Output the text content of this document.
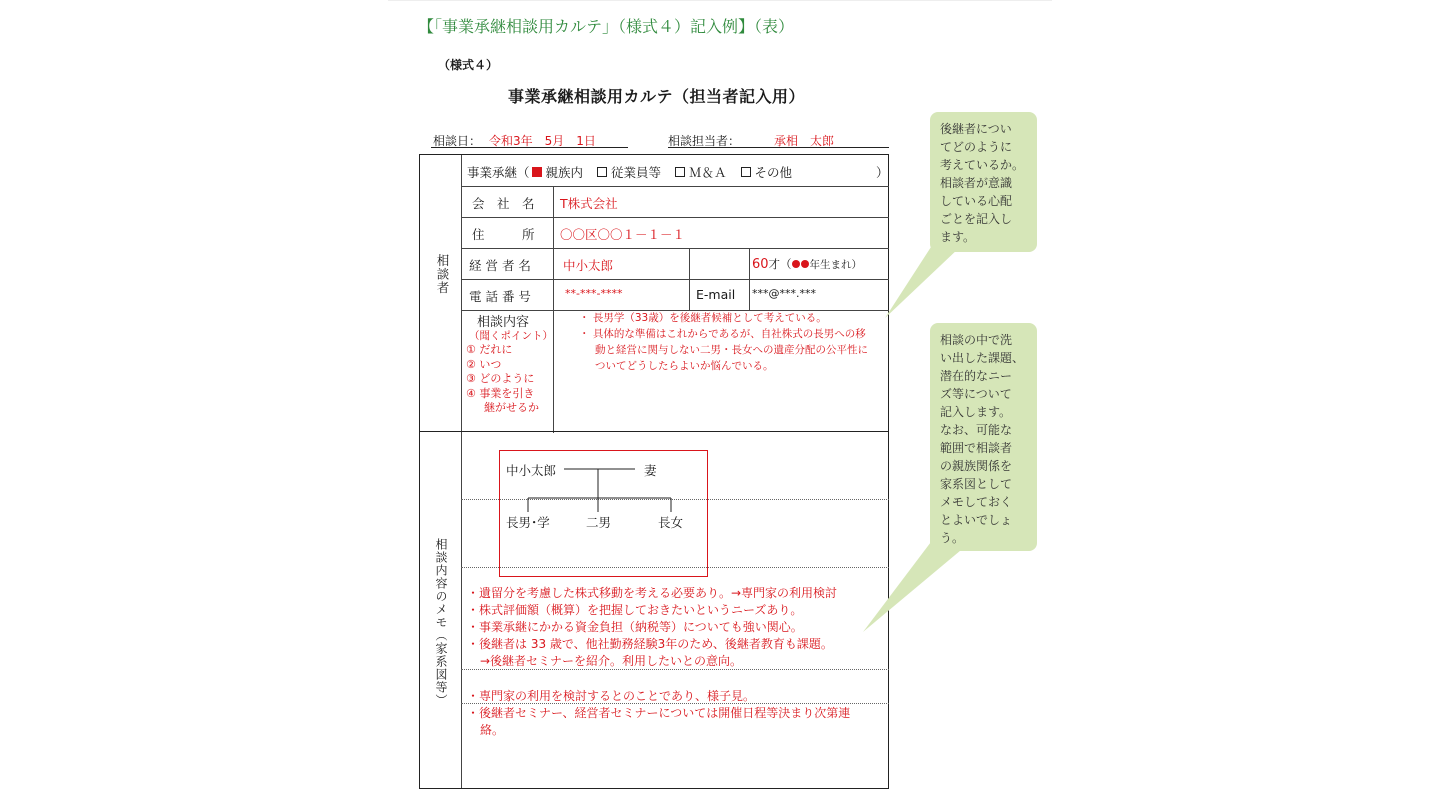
【「事業承継相談用カルテ」（様式４）記入例】（表）
（様式４）
事業承継相談用カルテ（担当者記入用）
相談日： 令和3年　5月　1日	相談担当者：	承相　太郎
相談者
相談内容のメモ（家系図等）
事業承継（ 親族内 従業員等 Ｍ＆Ａ その他	）
会　社　名 T株式会社
住　　　所 〇〇区〇〇１－１－１
経 営 者 名	中小太郎	60才（ 年生まれ）
電 話 番 号	**-***-****	E-mail ***@***.***
相談内容
（聞くポイント）
① だれに
② いつ
③ どのように
④ 事業を引き
継がせるか
・ 長男学（33歳）を後継者候補として考えている。
・ 具体的な準備はこれからであるが、自社株式の長男への移
動と経営に関与しない二男・長女への遺産分配の公平性に
ついてどうしたらよいか悩んでいる。
中小太郎	妻
長男･学	二男	長女
・遺留分を考慮した株式移動を考える必要あり。→専門家の利用検討
・株式評価額（概算）を把握しておきたいというニーズあり。
・事業承継にかかる資金負担（納税等）についても強い関心。
・後継者は 33 歳で、他社勤務経験3年のため、後継者教育も課題。
→後継者セミナーを紹介。利用したいとの意向。
・専門家の利用を検討するとのことであり、様子見。
・後継者セミナー、経営者セミナーについては開催日程等決まり次第連
絡。
後継者につい
てどのように
考えているか。
相談者が意識
している心配
ごとを記入し
ます。
相談の中で洗
い出した課題、
潜在的なニー
ズ等について
記入します。
なお、可能な
範囲で相談者
の親族関係を
家系図として
メモしておく
とよいでしょ
う。
